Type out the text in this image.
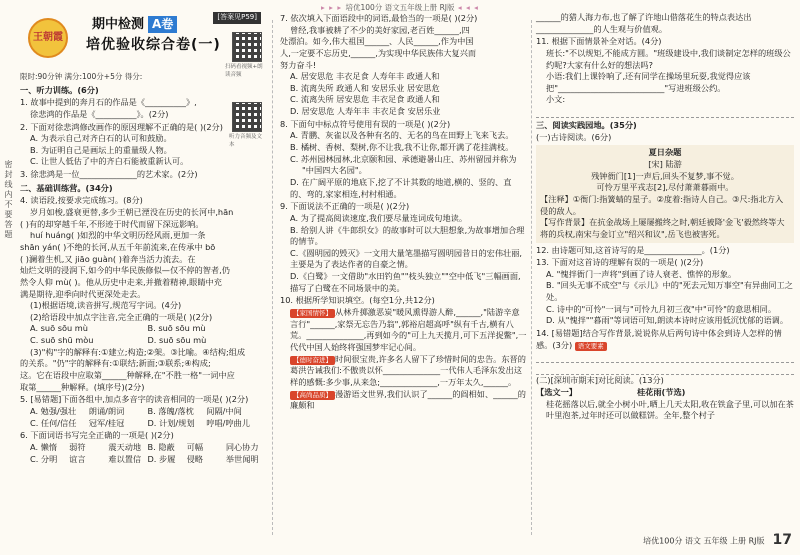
▸ ▸ ▸ 培优100分 语文五年级上册 RJ版 ◂ ◂ ◂
密封线内不要答题
王朝霞
期中检测 A卷
培优验收综合卷(一)
[答案见P59]
扫码看视频+朗读音频

限时:90分钟 满分:100分+5分 得分:

听力音频及文本

一、听力训练。(6分)

1. 故事中提到的奔月石的作品是《__________》,

徐悲鸿的作品是《__________》。(2分)

2. 下面对徐悲鸿修改画作的原因理解不正确的是( )(2分)

A. 为表示自己对齐白石的认可和鼓励。

B. 为证明自己是画坛上的重量级人物。

C. 让世人低估了中的齐白石能被重新认可。

3. 徐悲鸿是一位______________的艺术家。(2分)

二、基础训练营。(34分)

4. 读语段,按要求完成练习。(8分)

岁月如梭,盛衰更替,多少王朝已湮没在历史的长河中,hān

( )有的却穿越千年,不形迹于时代而留下深远影响。

huí huáng( )如烈的中华文明历经风雨,更加一条

shān yán( )不绝的长河,从五千年前流来,在传承中 bō

( )澜着生机,又 jiāo guàn( )着奔当活力流去。在

灿烂文明的浸润下,如今的中华民族修似—仅不停的智者,仍

然令人仰 mù( )。他从历史中走来,并撤着精神,眼睛中充

满是期待,迎季向时代更深处走去。

(1)根据语境,读音拼写,规范写字词。(4分)

(2)给语段中加点字注音,完全正确的一项是( )(2分)

A. suō sōu mù	B. suō sōu mù
C. suō shū mòu	D. suō sōu mù

(3)"构"字的解释有:①建立;构造;②架。③比喻。④结构;组成

的关系。"仍"字的解释有:①联结;新面;③联系;④构成;

这。它在语段中应取第______种解释,在"不胜一格"一词中应

取第______种解释。(填序号)(2分)

5. [易错题]下面各组中,加点多音字的读音相同的一项是( )(2分)

A. 勉强/强壮	朗诵/朗词	B. 落魄/落枕	间隔/中间
C. 任何/信任	冠军/桂冠	D. 计划/规划	哼唱/哼曲儿

6. 下面词语书写完全正确的一项是( )(2分)

A. 懒惰	弱符	震天动地 B. 隐蔽	可幅	同心协力
C. 分明	谊言	难以置信 D. 步履	侵略	举世闻明

7. 依次填入下面语段中的词语,最恰当的一项是( )(2分)

曾经,我事被耕了不少的美好家园,老百姓______,四

处漂泊。如今,伟大祖国______、人民______,作为中国

人,一定要不忘历史,______,为实现中华民族伟大复兴而

努力奋斗!

A. 居安思危 丰衣足食 人寿年丰 政通人和

B. 流离失所 政通人和 安居乐业 居安思危

C. 流离失所 居安思危 丰衣足食 政通人和

D. 居安思危 人寿年丰 丰衣足食 安居乐业

8. 下面句中标点符号使用有误的一项是( )(2分)

A. 青鹏、灰雀以及各种有名的、无名的鸟在田野上飞来飞去。

B. 橘树、香树、梨树,你不让我,我不让你,都开满了花挂满枝。

C. 苏州园林园林,北京颐和园、承德避暑山庄、苏州留园并称为

"中国四大名园"。

D. 在广阔平原的地底下,挖了不计其数的地道,横的、竖的、直的、弯的,家家相连,村村相通。

9. 下面说法不正确的一项是( )(2分)

A. 为了提高阅读速度,我们要尽量连词成句地读。

B. 给别人讲《牛郎织女》的故事时可以大胆想象,为故事增加合理的情节。

C.《圆明园的毁灭》一文用大量笔墨描写圆明园昔日的宏伟壮丽,主要是为了表达作者的自豪之情。

D.《白鹭》一文借助"水田钓鱼""枝头独立""空中低飞"三幅画面,描写了白鹭在不同场景中的美。

10. 根据所学知识填空。(每空1分,共12分)

【家国情怀】 从林升掷激恶炭"暖风熏得游人醉,______,"陆游辛意言行"______,家祭无忘告乃翁",郭裕启超高呼"纵有千古,横有八荒。______________,再到如今的"可上九天揽月,可下五洋捉鳖",一代代中国人始终将强国梦牢记心间。

【德时奋进】 时间很宝贵,许多名人留下了珍惜时间的忠告。东晋的葛洪告诫我们:不傲贵以怀______________一代伟人毛泽东发出这样的感慨:多少事,从来急;______________,一万年太久,______。

【高尚品质】 漫游语文世界,我们认识了______的阎相如、______的廉颇和

______的猎人海力布,也了解了许地山借落花生的特点表达出______________的人生观与价值观。

11. 根据下面情景补全对话。(4分)

班长:"不以规矩,不能成方圆。"班级建设中,我们谈制定怎样的班级公约呢?大家有什么好的想法吗?

小语:我们上课铃响了,还有同学在操场里玩耍,我觉得应该把"__________________________"写进班级公约。

小文:

三、阅读实践园地。(35分)

(一)古诗阅读。(6分)

夏日杂题

[宋] 陆游

残钟衙门[1]一声后,回头不复梦,事不觉。

可怜万里平戎志[2],尽付萧萧暮雨中。

【注释】①衙门:指簧蜻的星子。②度着:指诗人自己。③尺:指北方入侵的敌人。

【写作背景】在抗金战场上屡屡搬终之时,朝廷被降'金飞'毅然终等大将的兵权,南宋与金订立"绍兴和议",岳飞也被害死。

12. 由诗题可知,这首诗写的是______________。(1分)

13. 下面对这首诗的理解有误的一项是( )(2分)

A. "愧拌衙门一声将"到画了诗人衰老、憔悴的形象。

B. "回头无事不成空"与《示儿》中的"死去元知万事空"有异曲同工之处。

C. 诗中的"可怜"一词与"可怜九月初三夜"中"可怜"的意思相同。

D. 从"愧拌""暮雨"等词语可知,朗读本诗时应该用低沉忧郁的语调。

14. [易错题]结合写作背景,说说你从后两句诗中体会到诗人怎样的情感。(3分) 语文要素

(二)[深圳市期末]对比阅读。(13分)

【选文一】	桂花雨(节选)

桂花摇落以后,就全小树小叶,晒上几天太阳,收在铁盒子里,可以加在茶叶里泡茶,过年时还可以做糕饼。全年,整个村子

培优100分 语文 五年级 上册 RJ版 17
